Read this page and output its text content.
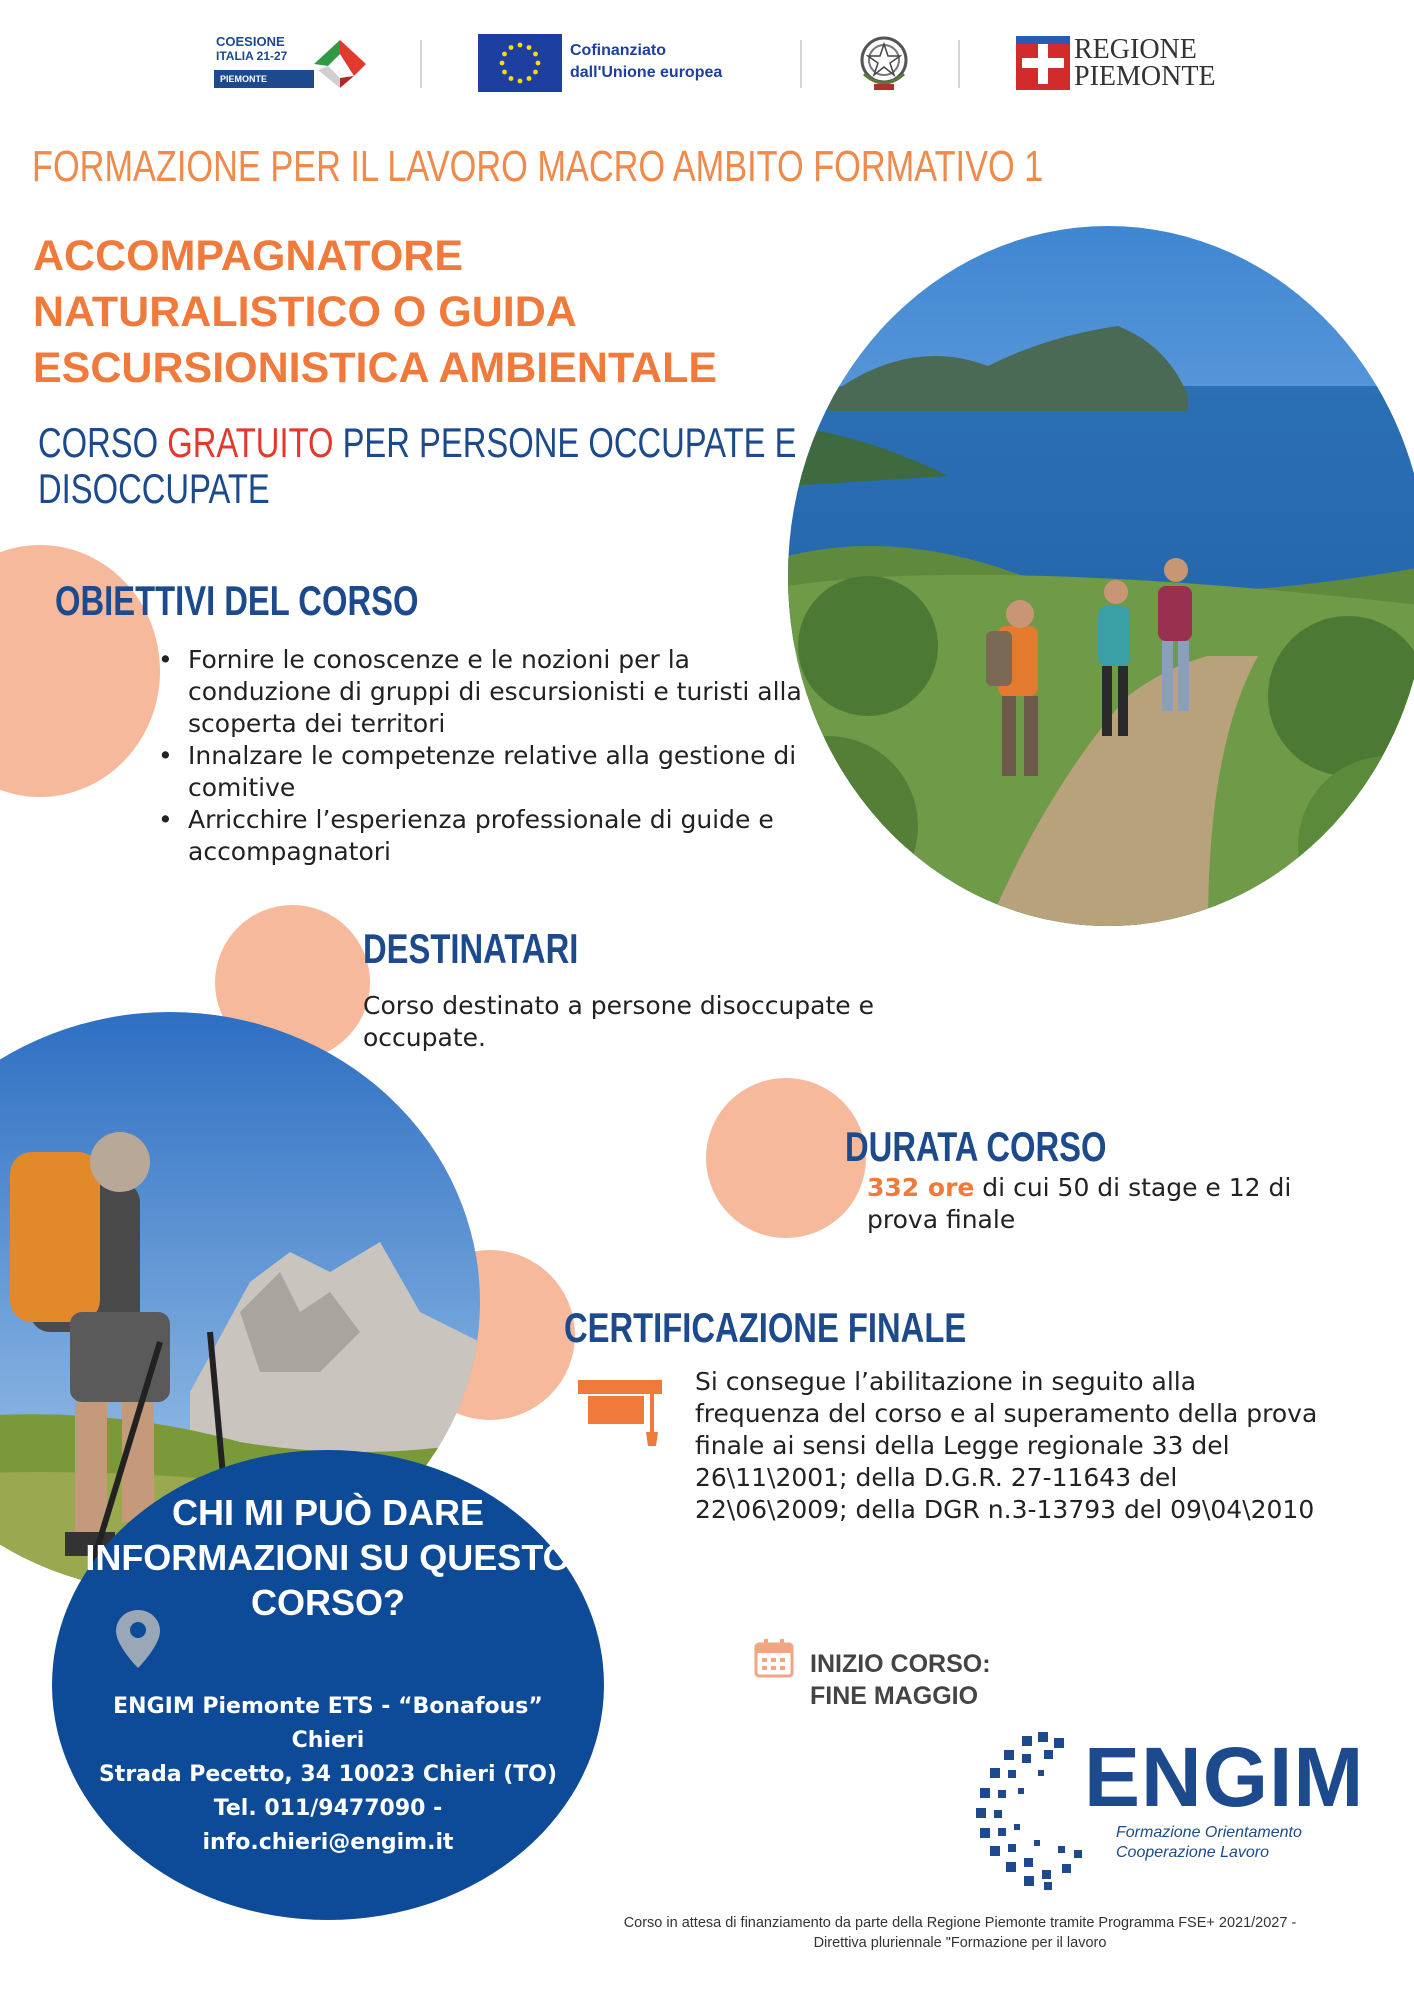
COESIONE
ITALIA 21-27
PIEMONTE
Cofinanziato
dall'Unione europea
REGIONE
PIEMONTE
FORMAZIONE PER IL LAVORO MACRO AMBITO FORMATIVO 1
ACCOMPAGNATORE
NATURALISTICO O GUIDA
ESCURSIONISTICA AMBIENTALE
CORSO GRATUITO PER PERSONE OCCUPATE E
DISOCCUPATE
OBIETTIVI DEL CORSO
• Fornire le conoscenze e le nozioni per la conduzione di gruppi di escursionisti e turisti alla scoperta dei territori
• Innalzare le competenze relative alla gestione di comitive
• Arricchire l’esperienza professionale di guide e accompagnatori
DESTINATARI
Corso destinato a persone disoccupate e occupate.
DURATA CORSO
332 ore di cui 50 di stage e 12 di prova finale
CERTIFICAZIONE FINALE
Si consegue l’abilitazione in seguito alla frequenza del corso e al superamento della prova finale ai sensi della Legge regionale 33 del 26\11\2001; della D.G.R. 27-11643 del 22\06\2009; della DGR n.3-13793 del 09\04\2010
CHI MI PUÒ DARE
INFORMAZIONI SU QUESTO
CORSO?
ENGIM Piemonte ETS - “Bonafous”
Chieri
Strada Pecetto, 34 10023 Chieri (TO)
Tel. 011/9477090 -
info.chieri@engim.it
INIZIO CORSO:
FINE MAGGIO
ENGIM
Formazione Orientamento
Cooperazione Lavoro
Corso in attesa di finanziamento da parte della Regione Piemonte tramite Programma FSE+ 2021/2027 -
Direttiva pluriennale "Formazione per il lavoro
